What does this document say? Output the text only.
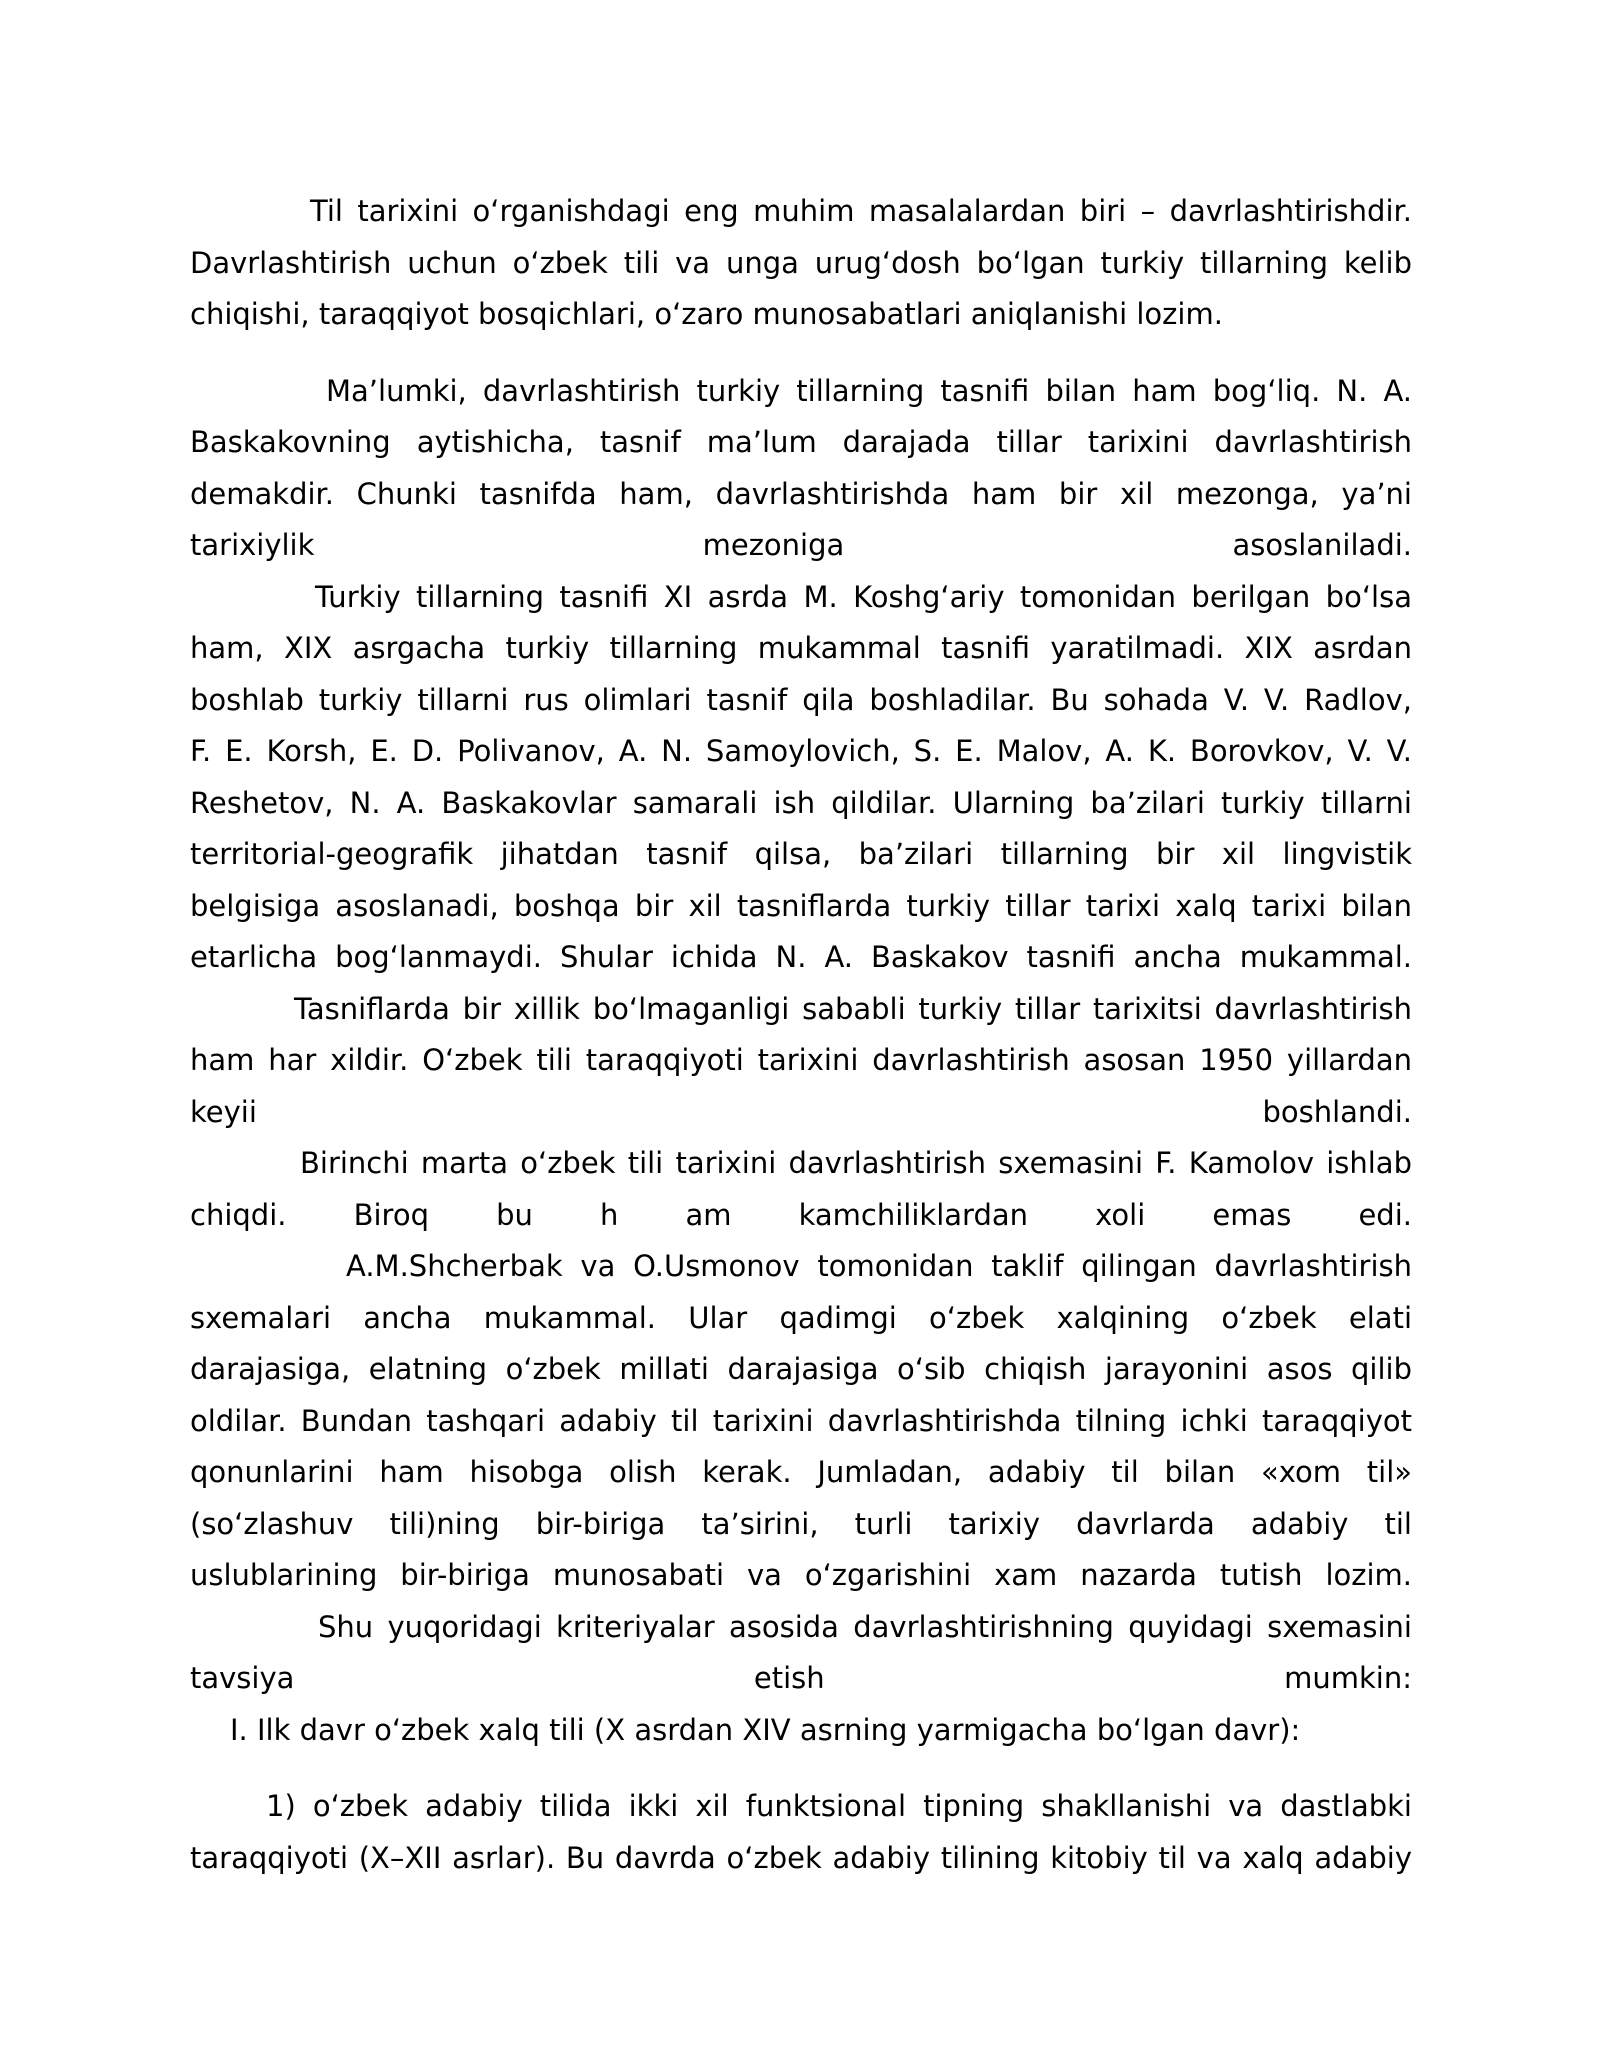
Til tarixini o‘rganishdagi eng muhim masalalardan biri – davrlashtirishdir.
Davrlashtirish uchun o‘zbek tili va unga urug‘dosh bo‘lgan turkiy tillarning kelib
chiqishi, taraqqiyot bosqichlari, o‘zaro munosabatlari aniqlanishi lozim.

Ma’lumki, davrlashtirish turkiy tillarning tasnifi bilan ham bog‘liq. N. A.
Baskakovning aytishicha, tasnif ma’lum darajada tillar tarixini davrlashtirish
demakdir. Chunki tasnifda ham, davrlashtirishda ham bir xil mezonga, ya’ni
tarixiylik mezoniga asoslaniladi.

Turkiy tillarning tasnifi XI asrda M. Koshg‘ariy tomonidan berilgan bo‘lsa
ham, XIX asrgacha turkiy tillarning mukammal tasnifi yaratilmadi. XIX asrdan
boshlab turkiy tillarni rus olimlari tasnif qila boshladilar. Bu sohada V. V. Radlov,
F. E. Korsh, E. D. Polivanov, A. N. Samoylovich, S. E. Malov, A. K. Borovkov, V. V.
Reshetov, N. A. Baskakovlar samarali ish qildilar. Ularning ba’zilari turkiy tillarni
territorial-geografik jihatdan tasnif qilsa, ba’zilari tillarning bir xil lingvistik
belgisiga asoslanadi, boshqa bir xil tasniflarda turkiy tillar tarixi xalq tarixi bilan
etarlicha bog‘lanmaydi. Shular ichida N. A. Baskakov tasnifi ancha mukammal.

Tasniflarda bir xillik bo‘lmaganligi sababli turkiy tillar tarixitsi davrlashtirish
ham har xildir. O‘zbek tili taraqqiyoti tarixini davrlashtirish asosan 1950 yillardan
keyii boshlandi.

Birinchi marta o‘zbek tili tarixini davrlashtirish sxemasini F. Kamolov ishlab
chiqdi. Biroq bu h am kamchiliklardan xoli emas edi.

A.M.Shcherbak va O.Usmonov tomonidan taklif qilingan davrlashtirish
sxemalari ancha mukammal. Ular qadimgi o‘zbek xalqining o‘zbek elati
darajasiga, elatning o‘zbek millati darajasiga o‘sib chiqish jarayonini asos qilib
oldilar. Bundan tashqari adabiy til tarixini davrlashtirishda tilning ichki taraqqiyot
qonunlarini ham hisobga olish kerak. Jumladan, adabiy til bilan «xom til»
(so‘zlashuv tili)ning bir-biriga ta’sirini, turli tarixiy davrlarda adabiy til
uslublarining bir-biriga munosabati va o‘zgarishini xam nazarda tutish lozim.

Shu yuqoridagi kriteriyalar asosida davrlashtirishning quyidagi sxemasini
tavsiya etish mumkin:

I. Ilk davr o‘zbek xalq tili (X asrdan XIV asrning yarmigacha bo‘lgan davr):

1) o‘zbek adabiy tilida ikki xil funktsional tipning shakllanishi va dastlabki
taraqqiyoti (X–XII asrlar). Bu davrda o‘zbek adabiy tilining kitobiy til va xalq adabiy
